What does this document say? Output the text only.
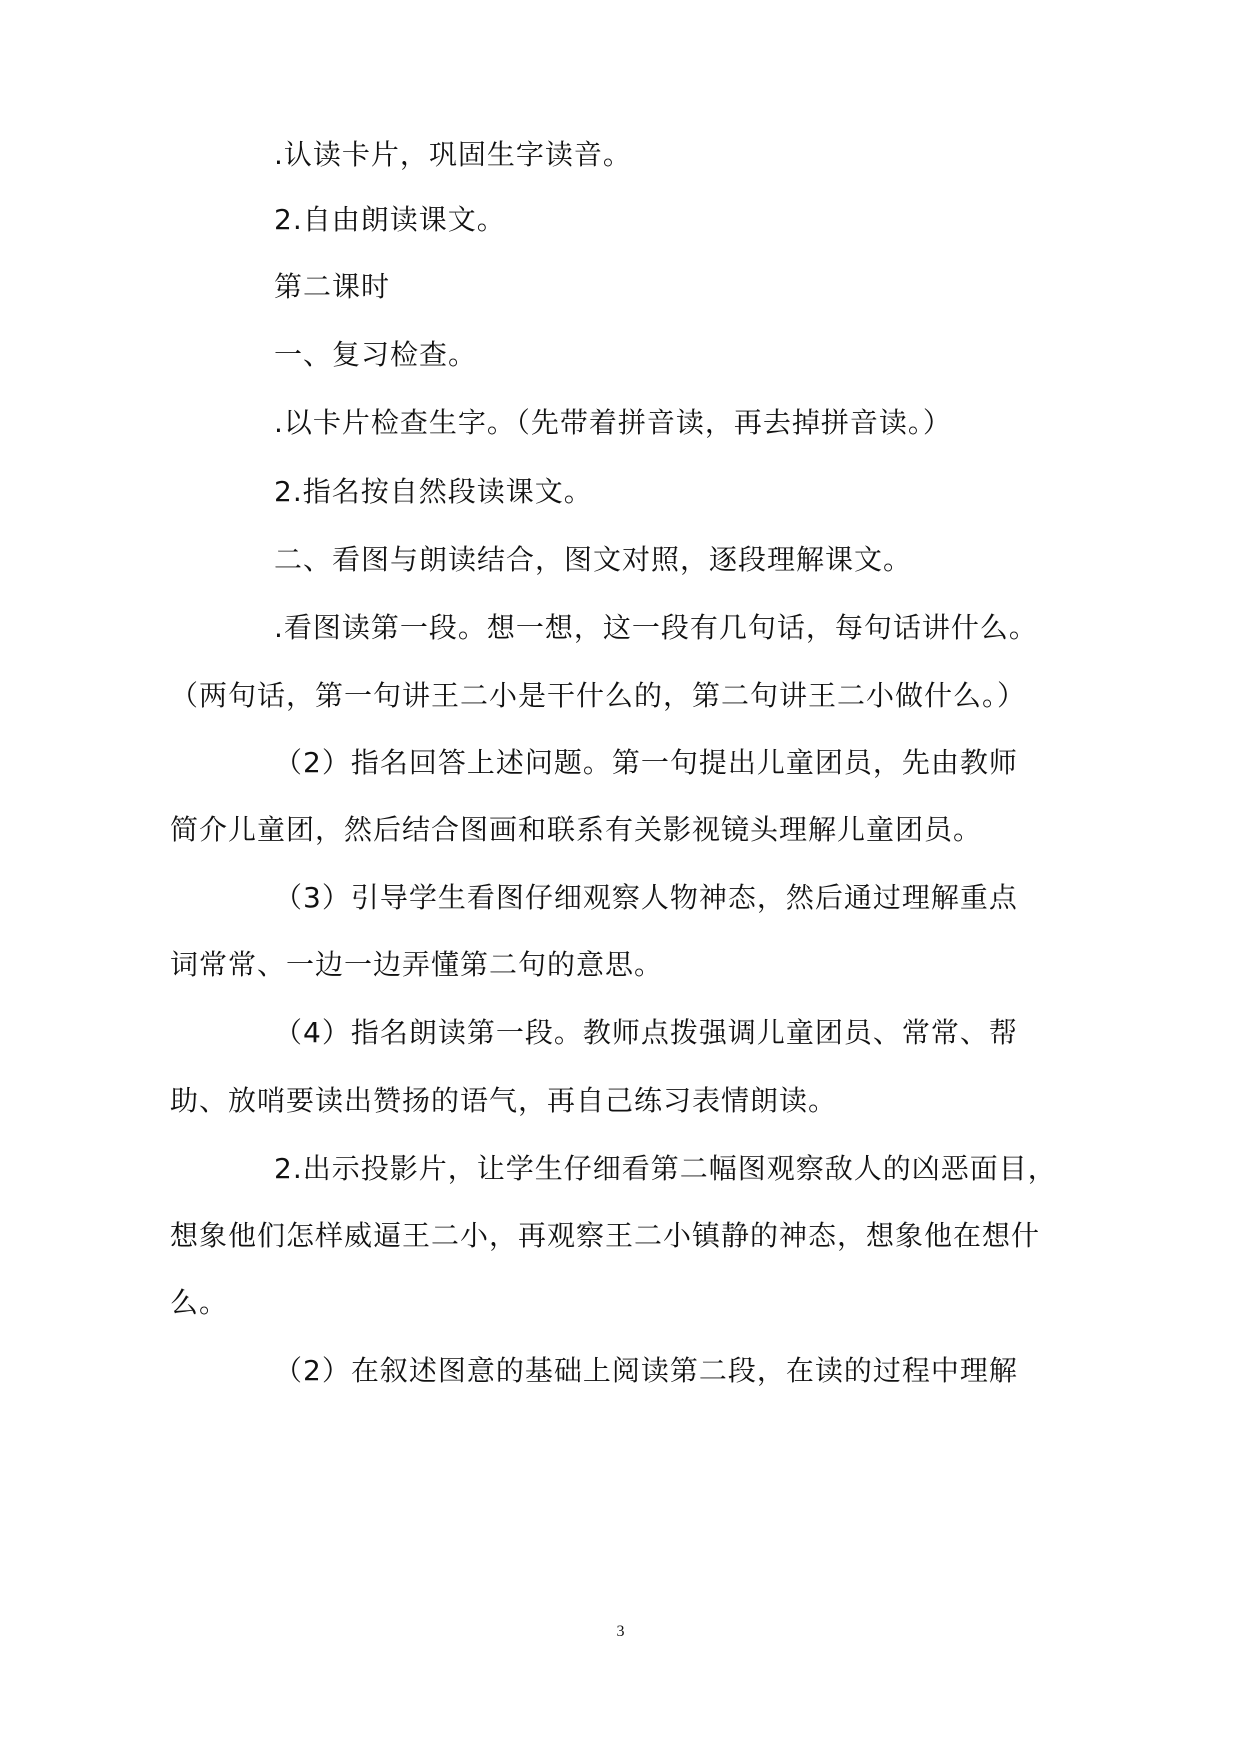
.认读卡片，巩固生字读音。

2.自由朗读课文。

第二课时

一、复习检查。

.以卡片检查生字。（先带着拼音读，再去掉拼音读。）

2.指名按自然段读课文。

二、看图与朗读结合，图文对照，逐段理解课文。

.看图读第一段。想一想，这一段有几句话，每句话讲什么。

（两句话，第一句讲王二小是干什么的，第二句讲王二小做什么。）

（2）指名回答上述问题。第一句提出儿童团员，先由教师

简介儿童团，然后结合图画和联系有关影视镜头理解儿童团员。

（3）引导学生看图仔细观察人物神态，然后通过理解重点

词常常、一边一边弄懂第二句的意思。

（4）指名朗读第一段。教师点拨强调儿童团员、常常、帮

助、放哨要读出赞扬的语气，再自己练习表情朗读。

2.出示投影片，让学生仔细看第二幅图观察敌人的凶恶面目，

想象他们怎样威逼王二小，再观察王二小镇静的神态，想象他在想什

么。

（2）在叙述图意的基础上阅读第二段，在读的过程中理解

3
